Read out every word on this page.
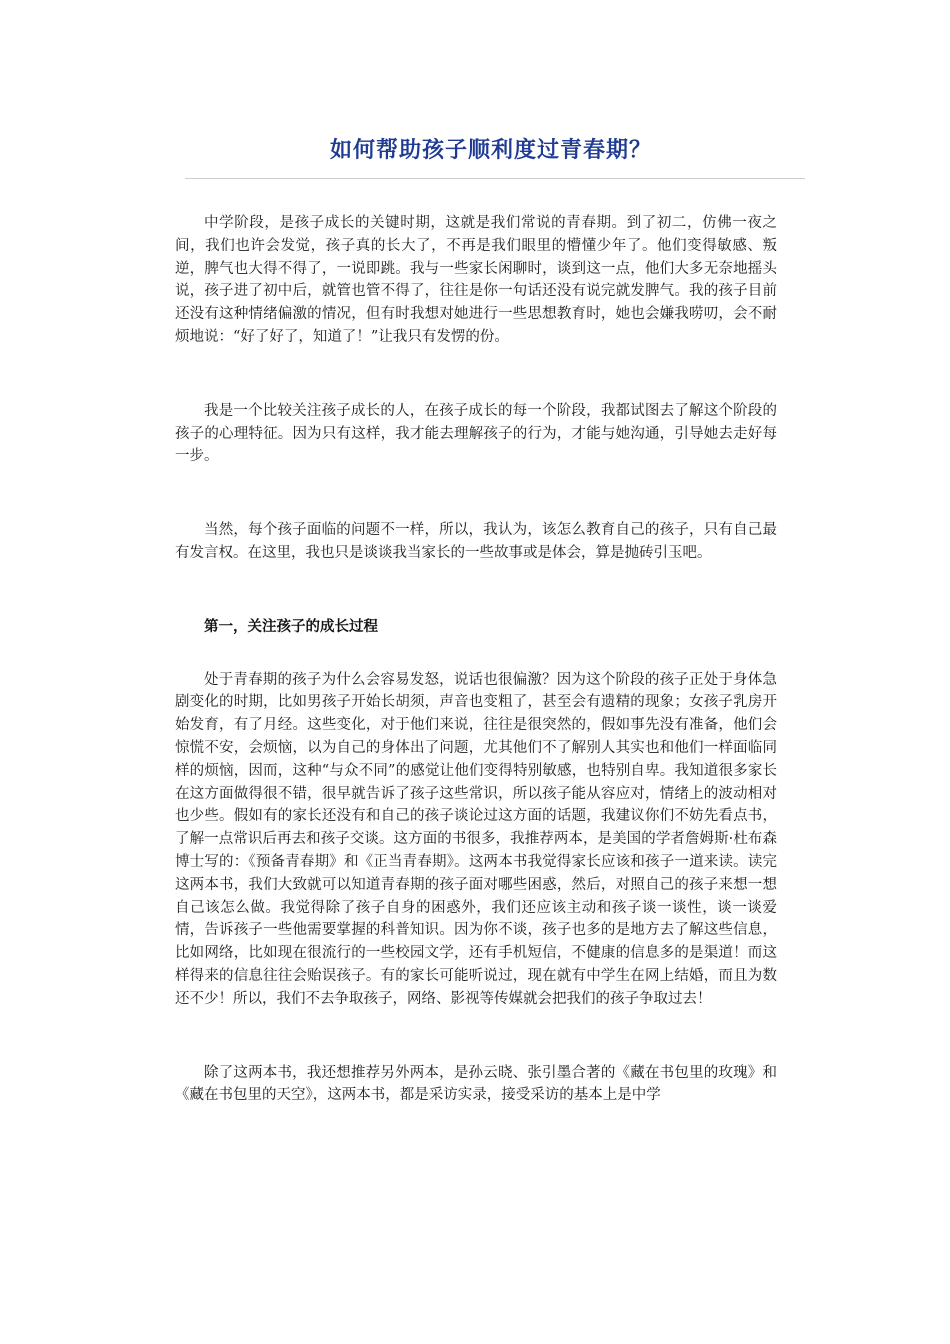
如何帮助孩子顺利度过青春期？

中学阶段，是孩子成长的关键时期，这就是我们常说的青春期。到了初二，仿佛一夜之间，我们也许会发觉，孩子真的长大了，不再是我们眼里的懵懂少年了。他们变得敏感、叛逆，脾气也大得不得了，一说即跳。我与一些家长闲聊时，谈到这一点，他们大多无奈地摇头说，孩子进了初中后，就管也管不得了，往往是你一句话还没有说完就发脾气。我的孩子目前还没有这种情绪偏激的情况，但有时我想对她进行一些思想教育时，她也会嫌我唠叨，会不耐烦地说：“好了好了，知道了！”让我只有发愣的份。

我是一个比较关注孩子成长的人，在孩子成长的每一个阶段，我都试图去了解这个阶段的孩子的心理特征。因为只有这样，我才能去理解孩子的行为，才能与她沟通，引导她去走好每一步。

当然，每个孩子面临的问题不一样，所以，我认为，该怎么教育自己的孩子，只有自己最有发言权。在这里，我也只是谈谈我当家长的一些故事或是体会，算是抛砖引玉吧。

第一，关注孩子的成长过程

处于青春期的孩子为什么会容易发怒，说话也很偏激？因为这个阶段的孩子正处于身体急剧变化的时期，比如男孩子开始长胡须，声音也变粗了，甚至会有遗精的现象；女孩子乳房开始发育，有了月经。这些变化，对于他们来说，往往是很突然的，假如事先没有准备，他们会惊慌不安，会烦恼，以为自己的身体出了问题，尤其他们不了解别人其实也和他们一样面临同样的烦恼，因而，这种“与众不同”的感觉让他们变得特别敏感，也特别自卑。我知道很多家长在这方面做得很不错，很早就告诉了孩子这些常识，所以孩子能从容应对，情绪上的波动相对也少些。假如有的家长还没有和自己的孩子谈论过这方面的话题，我建议你们不妨先看点书，了解一点常识后再去和孩子交谈。这方面的书很多，我推荐两本，是美国的学者詹姆斯·杜布森博士写的：《预备青春期》和《正当青春期》。这两本书我觉得家长应该和孩子一道来读。读完这两本书，我们大致就可以知道青春期的孩子面对哪些困惑，然后，对照自己的孩子来想一想自己该怎么做。我觉得除了孩子自身的困惑外，我们还应该主动和孩子谈一谈性，谈一谈爱情，告诉孩子一些他需要掌握的科普知识。因为你不谈，孩子也多的是地方去了解这些信息，比如网络，比如现在很流行的一些校园文学，还有手机短信，不健康的信息多的是渠道！而这样得来的信息往往会贻误孩子。有的家长可能听说过，现在就有中学生在网上结婚，而且为数还不少！所以，我们不去争取孩子，网络、影视等传媒就会把我们的孩子争取过去！

除了这两本书，我还想推荐另外两本，是孙云晓、张引墨合著的《藏在书包里的玫瑰》和《藏在书包里的天空》，这两本书，都是采访实录，接受采访的基本上是中学
